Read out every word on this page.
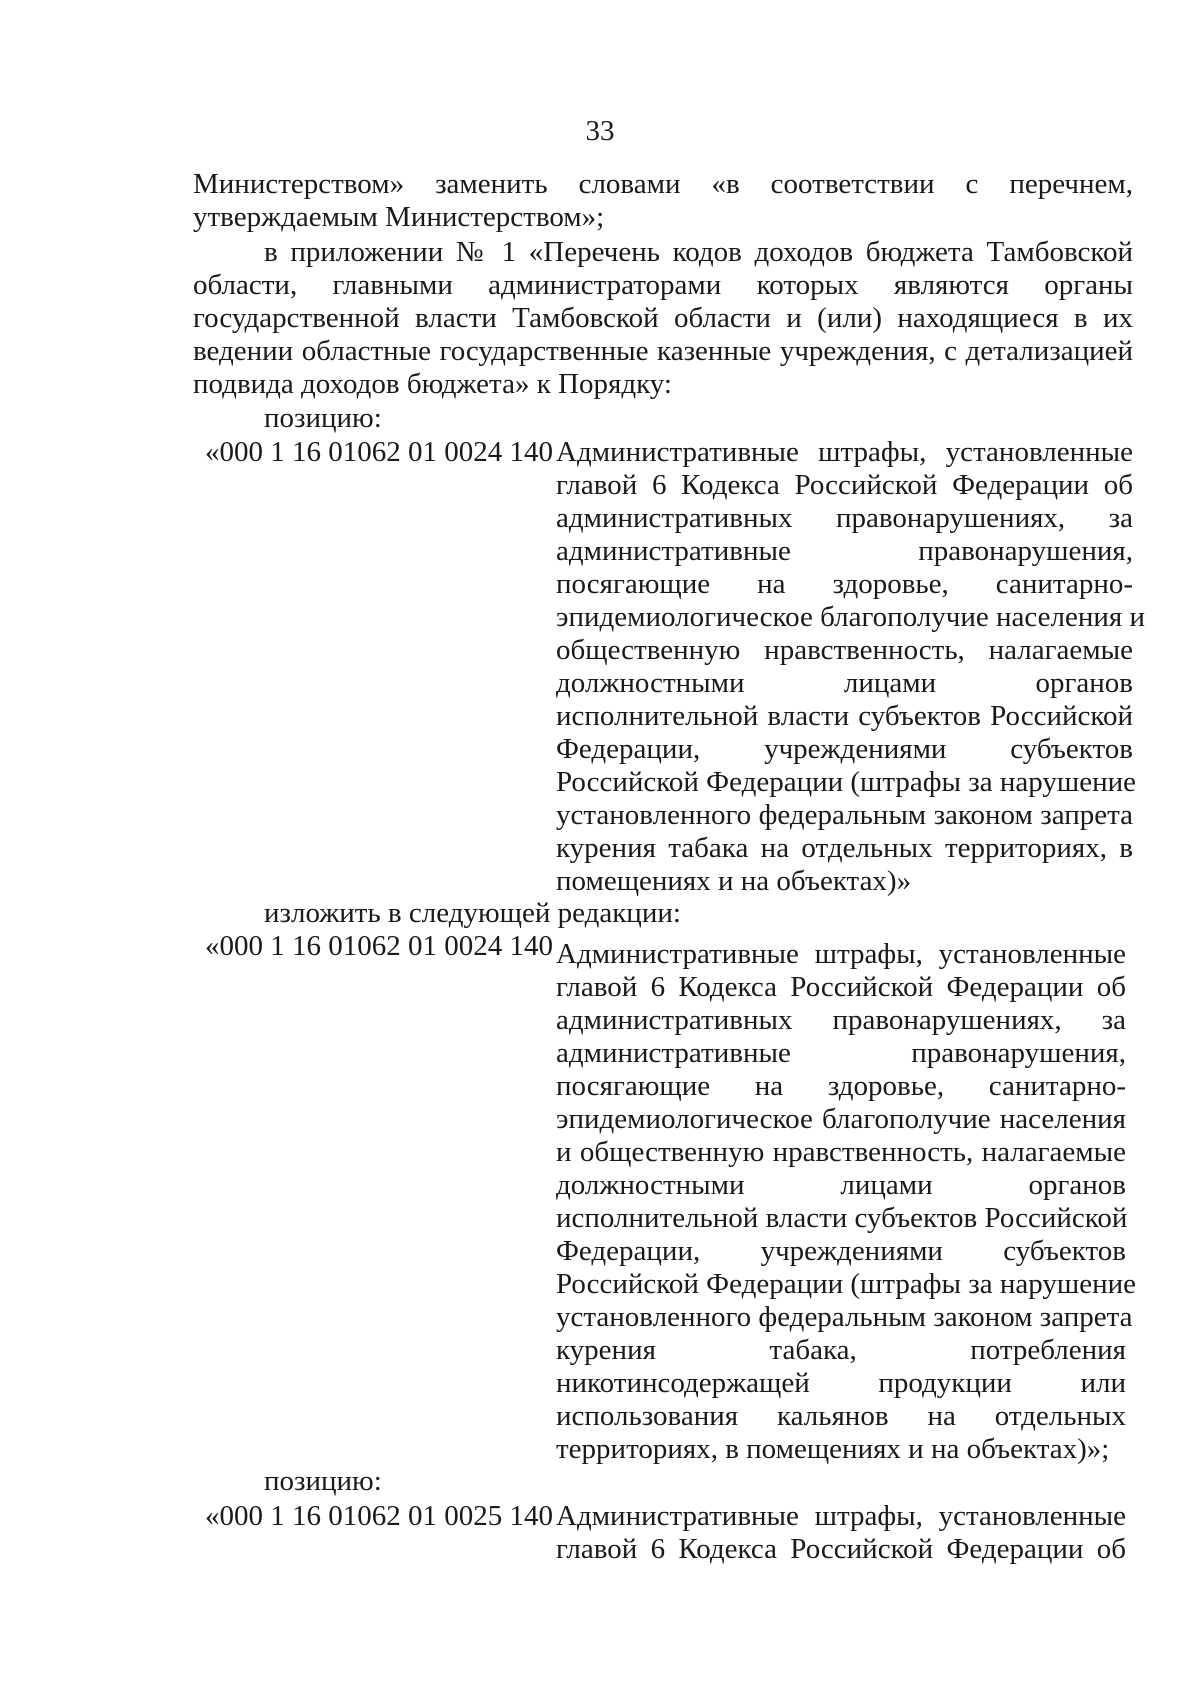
33
Министерством» заменить словами «в соответствии с перечнем,
утверждаемым Министерством»;
в приложении № 1 «Перечень кодов доходов бюджета Тамбовской
области, главными администраторами которых являются органы
государственной власти Тамбовской области и (или) находящиеся в их
ведении областные государственные казенные учреждения, с детализацией
подвида доходов бюджета» к Порядку:
позицию:
«000 1 16 01062 01 0024 140 Административные штрафы, установленные
главой 6 Кодекса Российской Федерации об
административных правонарушениях, за
административные правонарушения,
посягающие на здоровье, санитарно-
эпидемиологическое благополучие населения и
общественную нравственность, налагаемые
должностными лицами органов
исполнительной власти субъектов Российской
Федерации, учреждениями субъектов
Российской Федерации (штрафы за нарушение
установленного федеральным законом запрета
курения табака на отдельных территориях, в
помещениях и на объектах)»
изложить в следующей редакции:
«000 1 16 01062 01 0024 140 Административные штрафы, установленные
главой 6 Кодекса Российской Федерации об
административных правонарушениях, за
административные правонарушения,
посягающие на здоровье, санитарно-
эпидемиологическое благополучие населения
и общественную нравственность, налагаемые
должностными лицами органов
исполнительной власти субъектов Российской
Федерации, учреждениями субъектов
Российской Федерации (штрафы за нарушение
установленного федеральным законом запрета
курения табака, потребления
никотинсодержащей продукции или
использования кальянов на отдельных
территориях, в помещениях и на объектах)»;
позицию:
«000 1 16 01062 01 0025 140 Административные штрафы, установленные
главой 6 Кодекса Российской Федерации об
